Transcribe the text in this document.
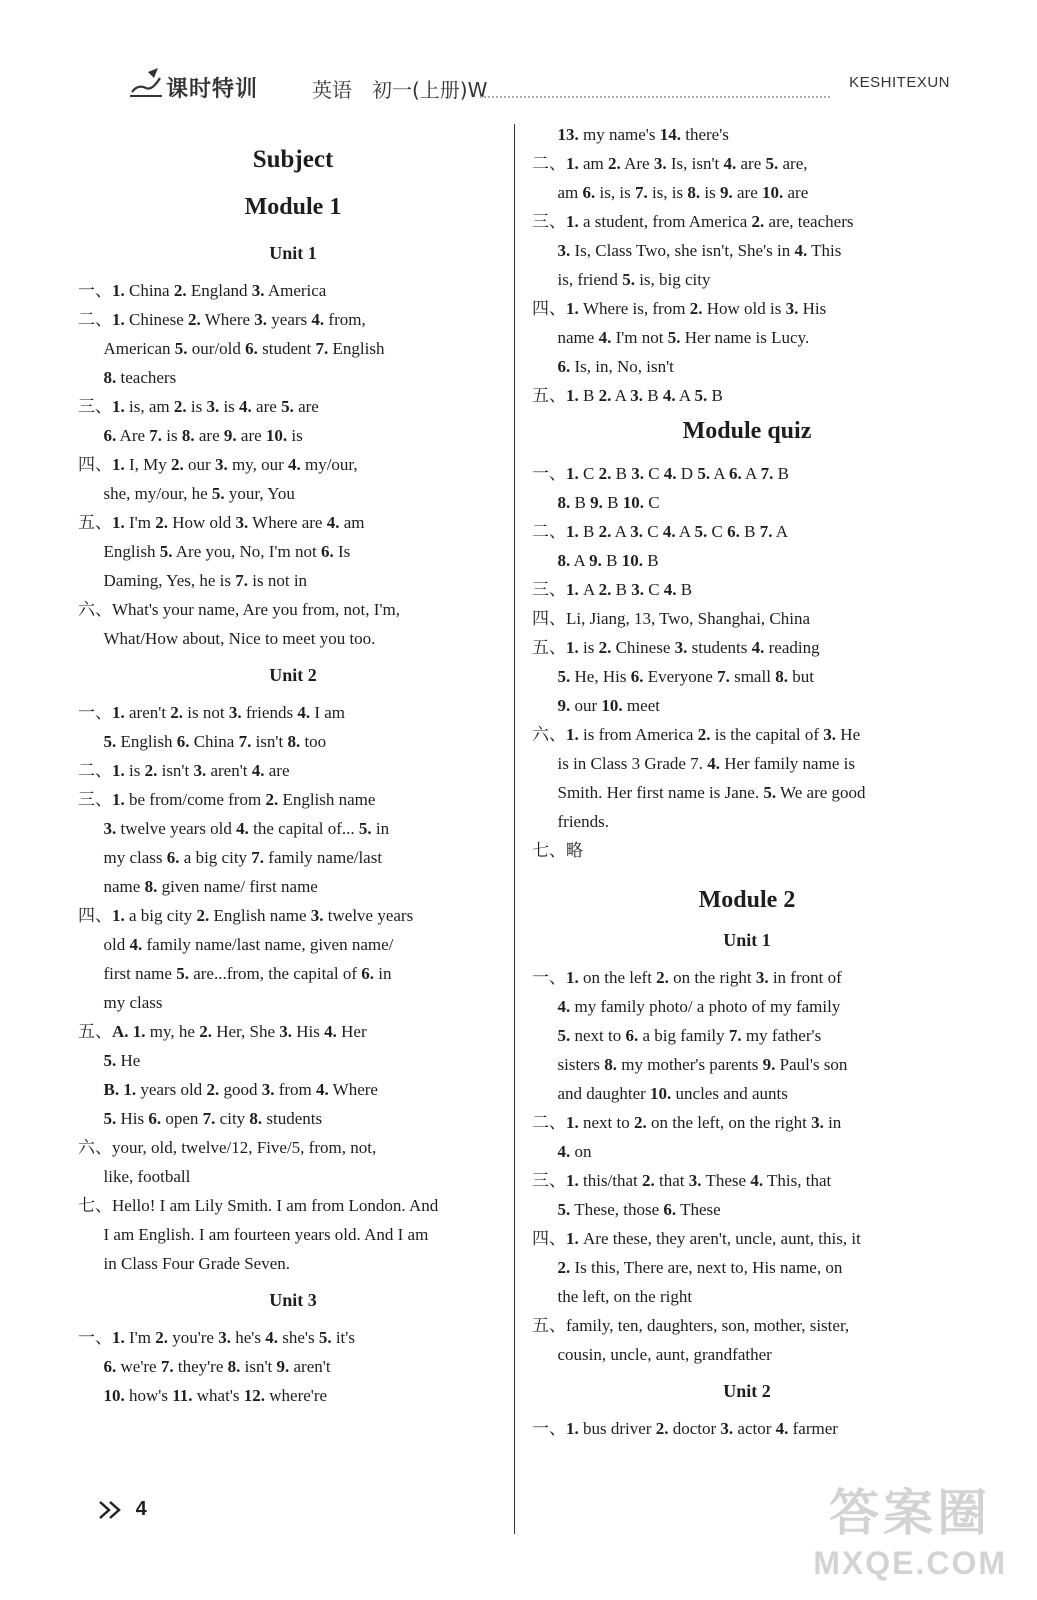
课时特训	英语　初一(上册)W	KESHITEXUN
Subject
Module 1
Unit 1
一、1. China 2. England 3. America
二、1. Chinese 2. Where 3. years 4. from,
  American 5. our/old 6. student 7. English
  8. teachers
三、1. is, am 2. is 3. is 4. are 5. are
  6. Are 7. is 8. are 9. are 10. is
四、1. I, My 2. our 3. my, our 4. my/our,
  she, my/our, he 5. your, You
五、1. I'm 2. How old 3. Where are 4. am
  English 5. Are you, No, I'm not 6. Is
  Daming, Yes, he is 7. is not in
六、What's your name, Are you from, not, I'm,
  What/How about, Nice to meet you too.
Unit 2
一、1. aren't 2. is not 3. friends 4. I am
  5. English 6. China 7. isn't 8. too
二、1. is 2. isn't 3. aren't 4. are
三、1. be from/come from 2. English name
  3. twelve years old 4. the capital of... 5. in
  my class 6. a big city 7. family name/last
  name 8. given name/ first name
四、1. a big city 2. English name 3. twelve years
  old 4. family name/last name, given name/
  first name 5. are...from, the capital of 6. in
  my class
五、A. 1. my, he 2. Her, She 3. His 4. Her
  5. He
  B. 1. years old 2. good 3. from 4. Where
  5. His 6. open 7. city 8. students
六、your, old, twelve/12, Five/5, from, not,
  like, football
七、Hello! I am Lily Smith. I am from London. And
  I am English. I am fourteen years old. And I am
  in Class Four Grade Seven.
Unit 3
一、1. I'm 2. you're 3. he's 4. she's 5. it's
  6. we're 7. they're 8. isn't 9. aren't
  10. how's 11. what's 12. where're
  13. my name's 14. there's
二、1. am 2. Are 3. Is, isn't 4. are 5. are,
  am 6. is, is 7. is, is 8. is 9. are 10. are
三、1. a student, from America 2. are, teachers
  3. Is, Class Two, she isn't, She's in 4. This
  is, friend 5. is, big city
四、1. Where is, from 2. How old is 3. His
  name 4. I'm not 5. Her name is Lucy.
  6. Is, in, No, isn't
五、1. B 2. A 3. B 4. A 5. B
Module quiz
一、1. C 2. B 3. C 4. D 5. A 6. A 7. B
  8. B 9. B 10. C
二、1. B 2. A 3. C 4. A 5. C 6. B 7. A
  8. A 9. B 10. B
三、1. A 2. B 3. C 4. B
四、Li, Jiang, 13, Two, Shanghai, China
五、1. is 2. Chinese 3. students 4. reading
  5. He, His 6. Everyone 7. small 8. but
  9. our 10. meet
六、1. is from America 2. is the capital of 3. He
  is in Class 3 Grade 7. 4. Her family name is
  Smith. Her first name is Jane. 5. We are good
  friends.
七、略
Module 2
Unit 1
一、1. on the left 2. on the right 3. in front of
  4. my family photo/ a photo of my family
  5. next to 6. a big family 7. my father's
  sisters 8. my mother's parents 9. Paul's son
  and daughter 10. uncles and aunts
二、1. next to 2. on the left, on the right 3. in
  4. on
三、1. this/that 2. that 3. These 4. This, that
  5. These, those 6. These
四、1. Are these, they aren't, uncle, aunt, this, it
  2. Is this, There are, next to, His name, on
  the left, on the right
五、family, ten, daughters, son, mother, sister,
  cousin, uncle, aunt, grandfather
Unit 2
一、1. bus driver 2. doctor 3. actor 4. farmer
4	答案圈
MXQE.COM
